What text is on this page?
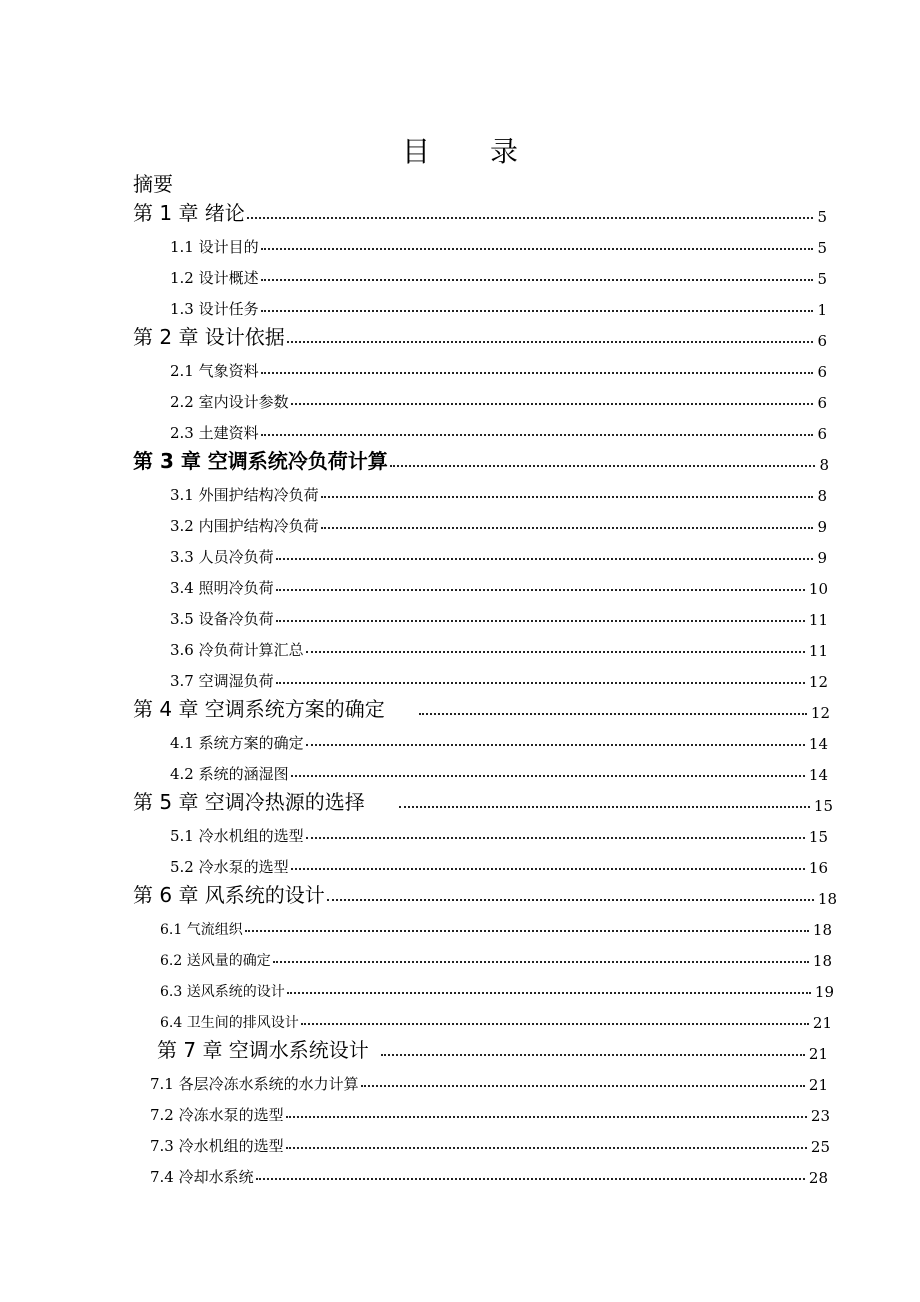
目录
摘要
第 1 章 绪论	5
1.1 设计目的	5
1.2 设计概述	5
1.3 设计任务	1
第 2 章 设计依据	6
2.1 气象资料	6
2.2 室内设计参数	6
2.3 土建资料	6
第 3 章 空调系统冷负荷计算	8
3.1 外围护结构冷负荷	8
3.2 内围护结构冷负荷	9
3.3 人员冷负荷	9
3.4 照明冷负荷	10
3.5 设备冷负荷	11
3.6 冷负荷计算汇总	11
3.7 空调湿负荷	12
第 4 章 空调系统方案的确定	12
4.1 系统方案的确定	14
4.2 系统的涵湿图	14
第 5 章 空调冷热源的选择	15
5.1 冷水机组的选型	15
5.2 冷水泵的选型	16
第 6 章 风系统的设计	18
6.1 气流组织	18
6.2 送风量的确定	18
6.3 送风系统的设计	19
6.4 卫生间的排风设计	21
第 7 章 空调水系统设计	21
7.1 各层冷冻水系统的水力计算	21
7.2 冷冻水泵的选型	23
7.3 冷水机组的选型	25
7.4 冷却水系统	28
